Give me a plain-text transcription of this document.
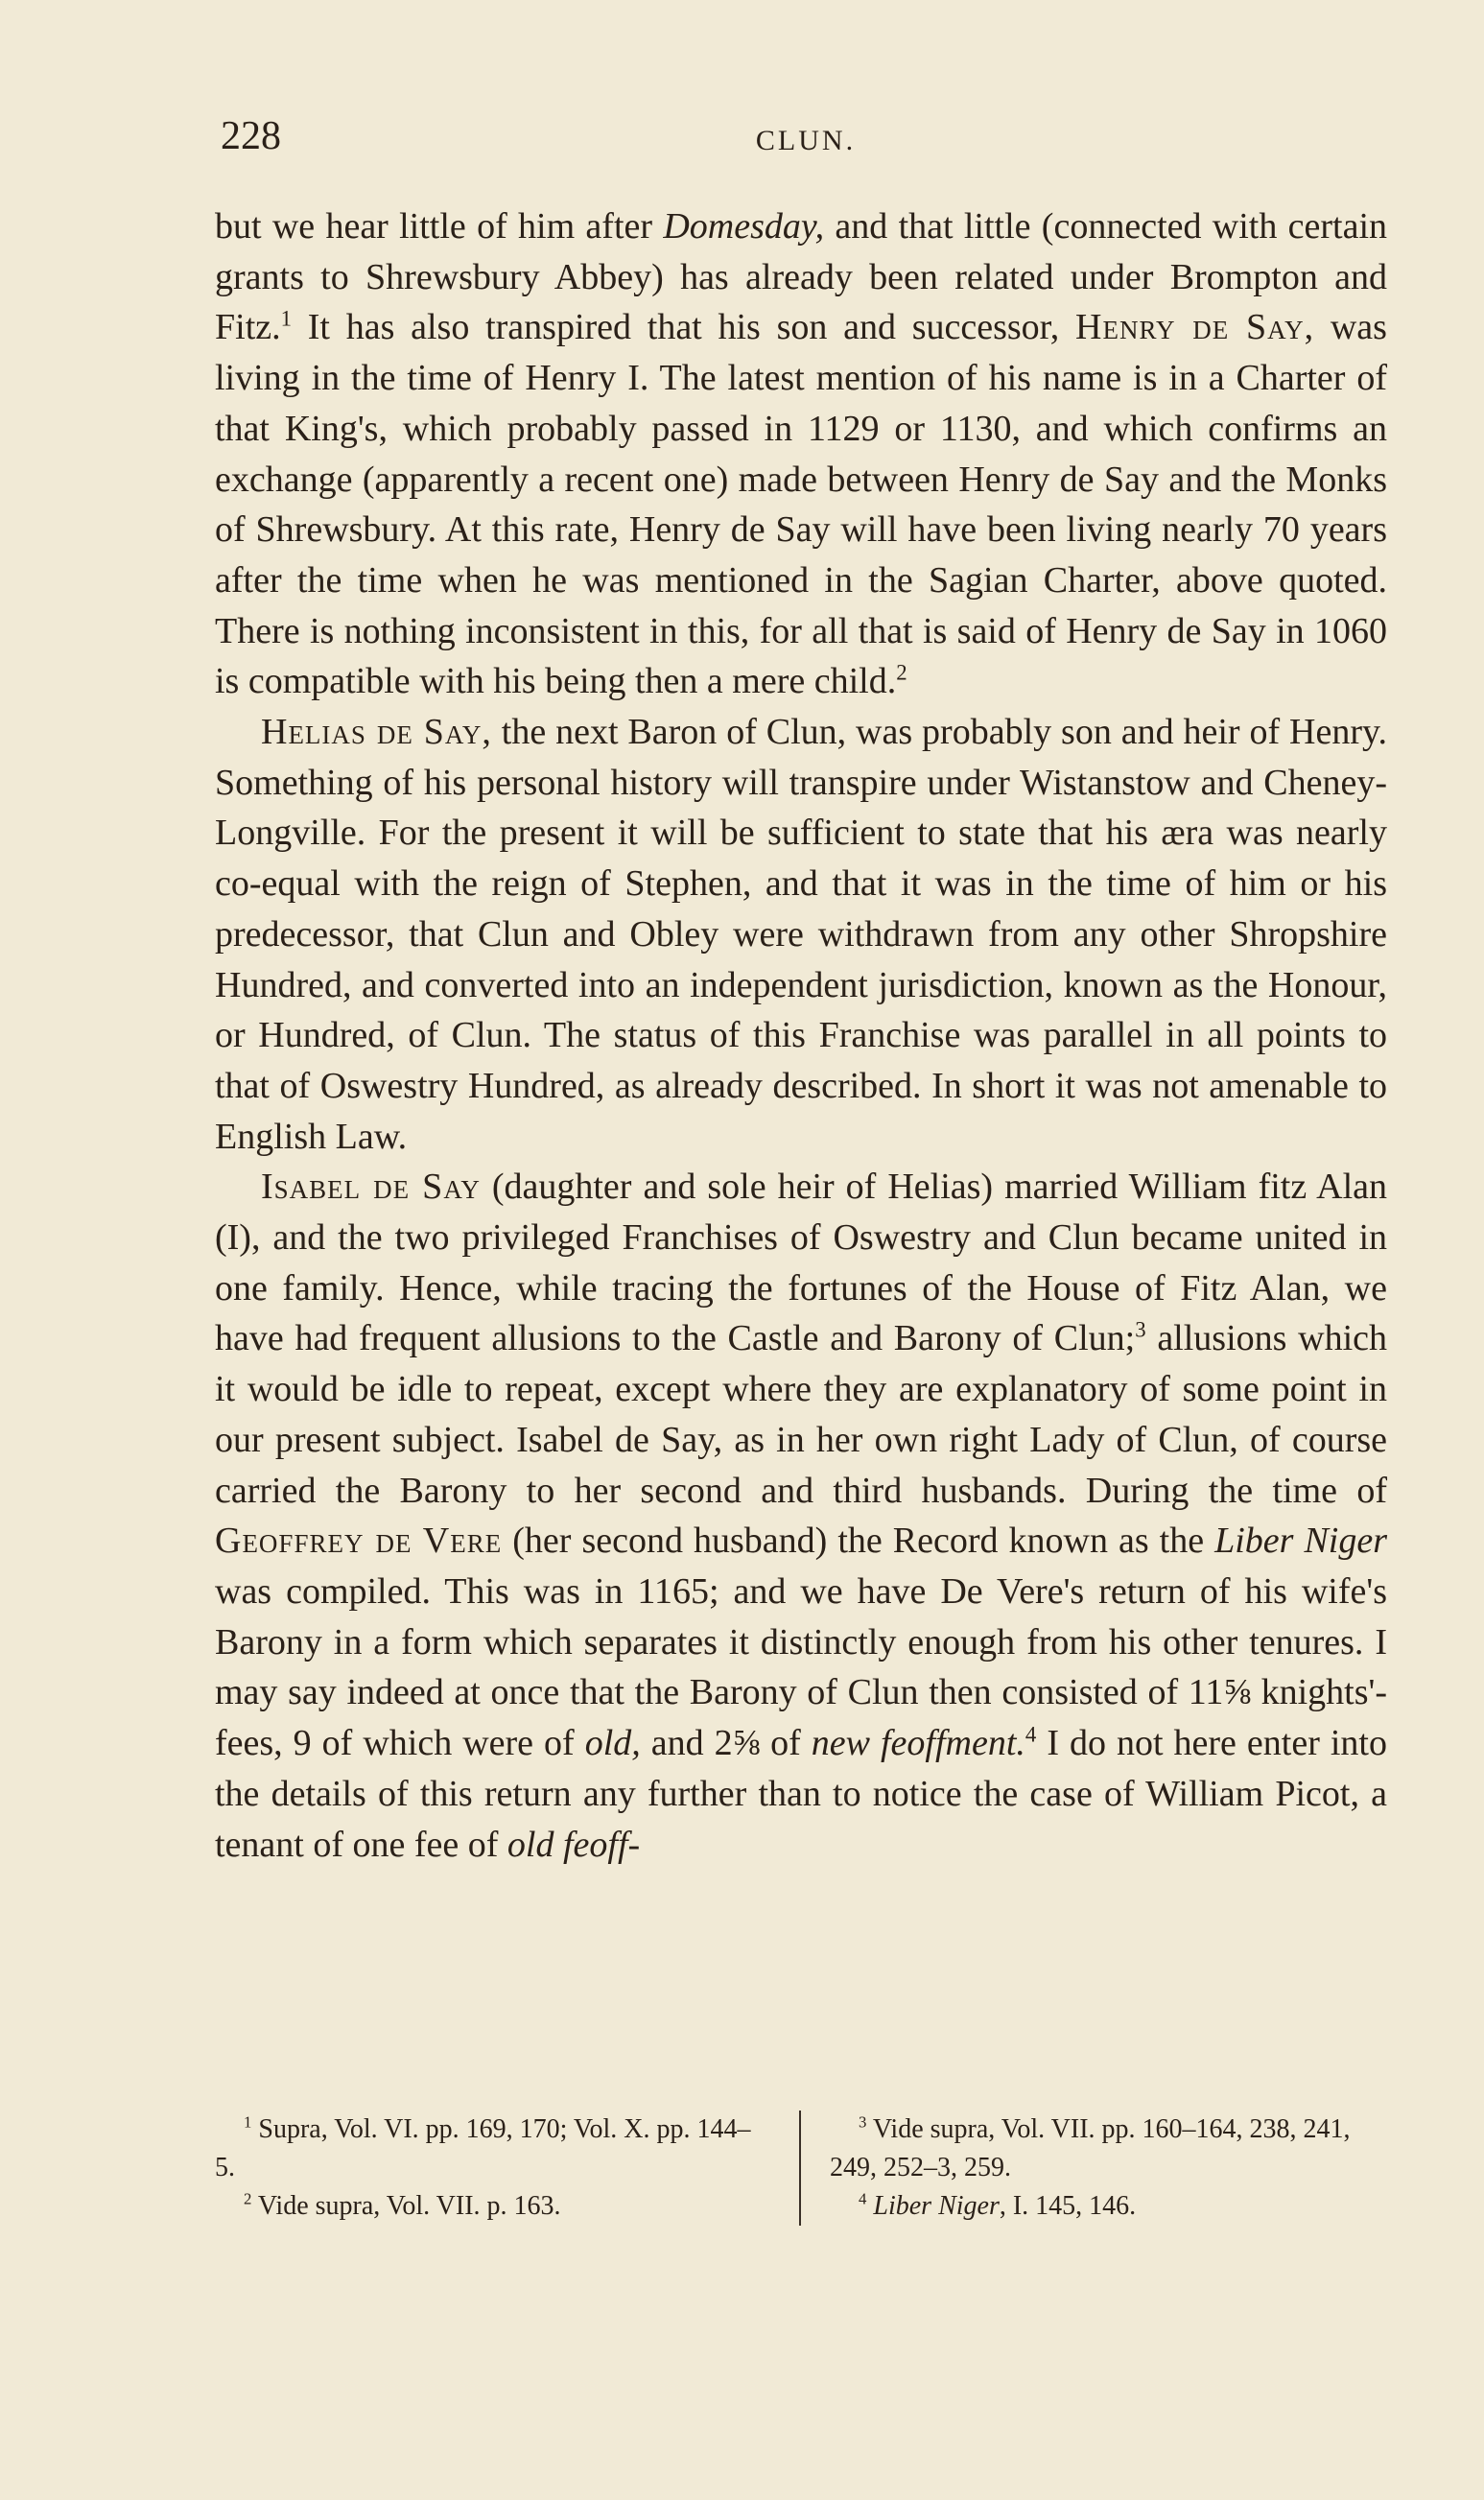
228	CLUN.

but we hear little of him after Domesday, and that little (connected with certain grants to Shrewsbury Abbey) has already been related under Brompton and Fitz.$^1$ It has also transpired that his son and successor, Henry de Say, was living in the time of Henry I. The latest mention of his name is in a Charter of that King's, which probably passed in 1129 or 1130, and which confirms an exchange (apparently a recent one) made between Henry de Say and the Monks of Shrewsbury. At this rate, Henry de Say will have been living nearly 70 years after the time when he was mentioned in the Sagian Charter, above quoted. There is nothing inconsistent in this, for all that is said of Henry de Say in 1060 is compatible with his being then a mere child.$^2$

Helias de Say, the next Baron of Clun, was probably son and heir of Henry. Something of his personal history will transpire under Wistanstow and Cheney-Longville. For the present it will be sufficient to state that his æra was nearly co-equal with the reign of Stephen, and that it was in the time of him or his predecessor, that Clun and Obley were withdrawn from any other Shropshire Hundred, and converted into an independent jurisdiction, known as the Honour, or Hundred, of Clun. The status of this Franchise was parallel in all points to that of Oswestry Hundred, as already described. In short it was not amenable to English Law.

Isabel de Say (daughter and sole heir of Helias) married William fitz Alan (I), and the two privileged Franchises of Oswestry and Clun became united in one family. Hence, while tracing the fortunes of the House of Fitz Alan, we have had frequent allusions to the Castle and Barony of Clun;$^3$ allusions which it would be idle to repeat, except where they are explanatory of some point in our present subject. Isabel de Say, as in her own right Lady of Clun, of course carried the Barony to her second and third husbands. During the time of Geoffrey de Vere (her second husband) the Record known as the Liber Niger was compiled. This was in 1165; and we have De Vere's return of his wife's Barony in a form which separates it distinctly enough from his other tenures. I may say indeed at once that the Barony of Clun then consisted of 11⅝ knights'-fees, 9 of which were of old, and 2⅝ of new feoffment.$^4$ I do not here enter into the details of this return any further than to notice the case of William Picot, a tenant of one fee of old feoff-

$^1$ Supra, Vol. VI. pp. 169, 170; Vol. X. pp. 144–5.

$^2$ Vide supra, Vol. VII. p. 163.

$^3$ Vide supra, Vol. VII. pp. 160–164, 238, 241, 249, 252–3, 259.

$^4$ Liber Niger, I. 145, 146.
